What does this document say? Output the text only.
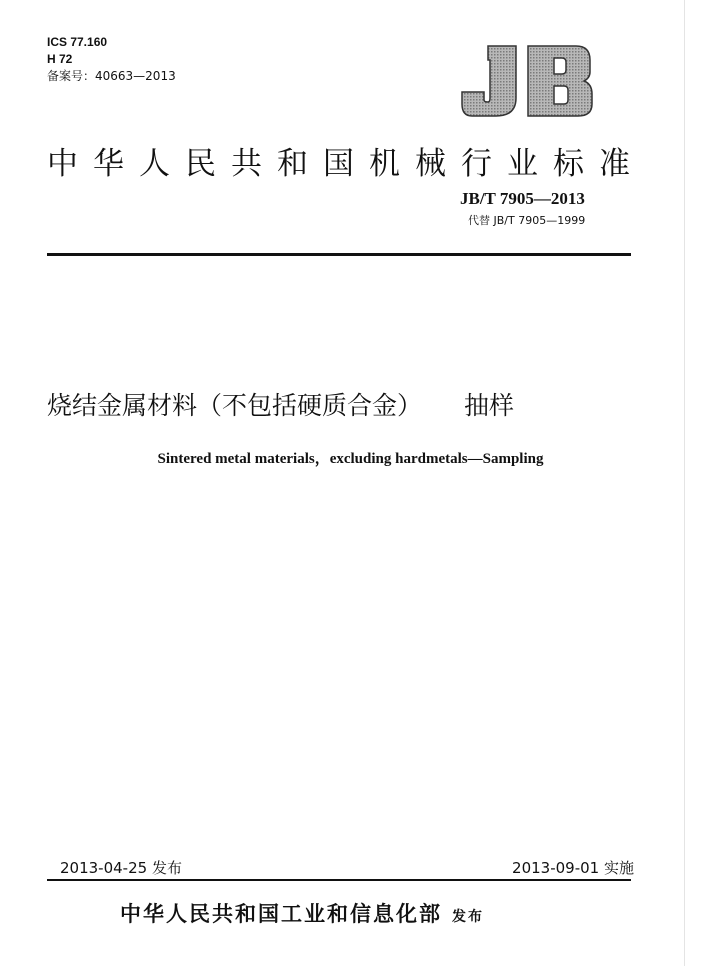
ICS 77.160
H 72
备案号：40663—2013
中华人民共和国机械行业标准
JB/T 7905—2013
代替 JB/T 7905—1999
烧结金属材料（不包括硬质合金） 抽样
Sintered metal materials，excluding hardmetals—Sampling
2013-04-25 发布	2013-09-01 实施
中华人民共和国工业和信息化部 发布
